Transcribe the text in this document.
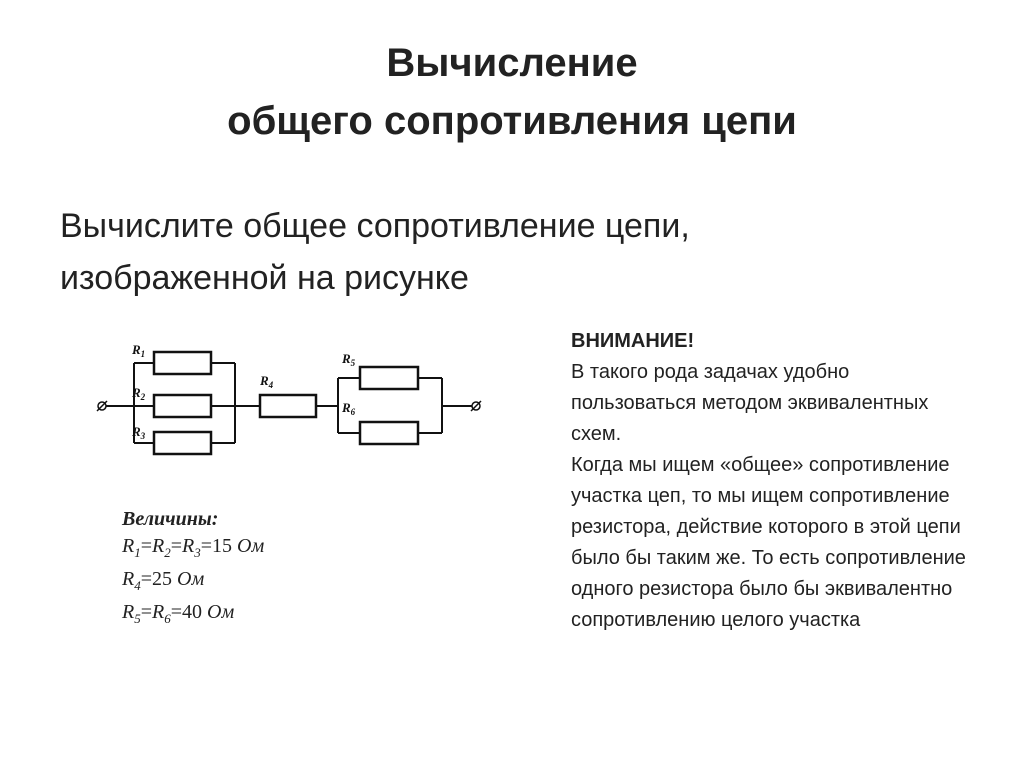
Вычисление
общего сопротивления цепи
Вычислите общее сопротивление цепи,
изображенной на рисунке
$R_1$
$R_2$
$R_3$
$R_4$
$R_5$
$R_6$
Величины:
$R_1=R_2=R_3=15$ Ом
$R_4=25$ Ом
$R_5=R_6=40$ Ом
ВНИМАНИЕ!
В такого рода задачах удобно пользоваться методом эквивалентных схем.
Когда мы ищем «общее» сопротивление участка цеп, то мы ищем сопротивление резистора, действие которого в этой цепи было бы таким же. То есть сопротивление одного резистора было бы эквивалентно сопротивлению целого участка
